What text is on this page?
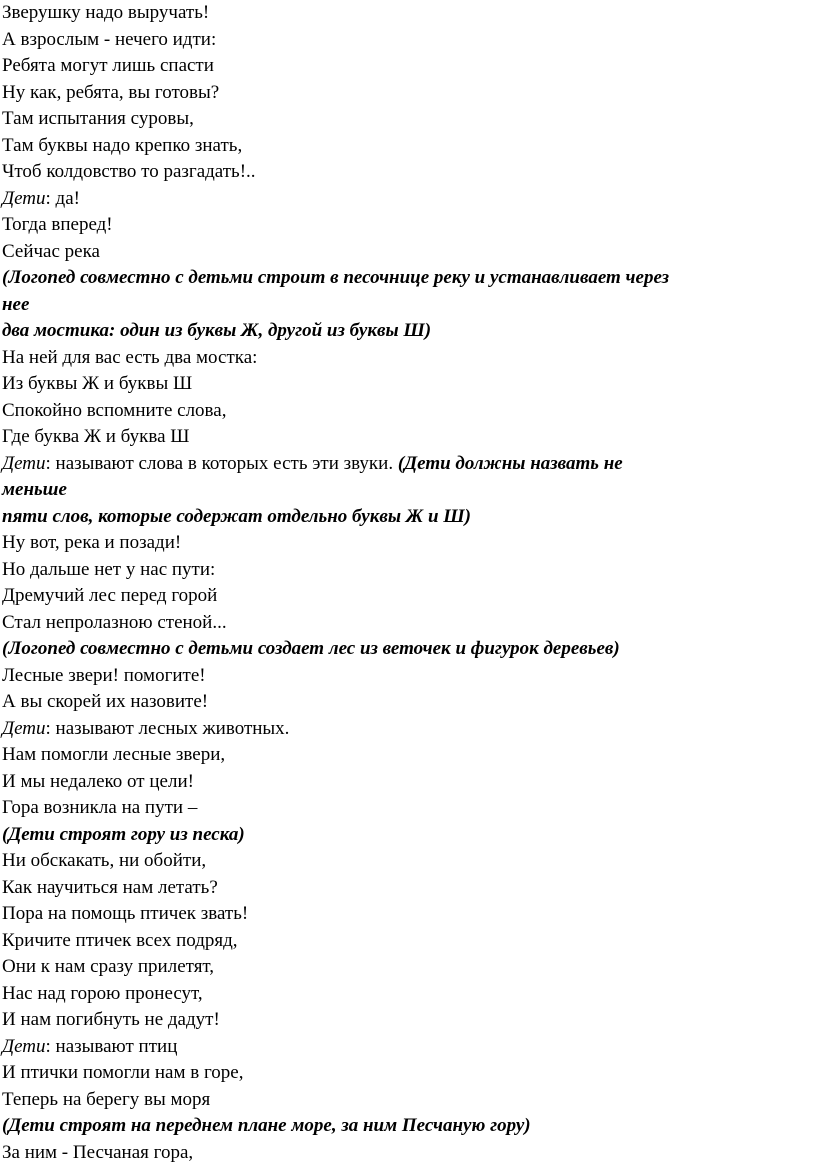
Зверушку надо выручать!
А взрослым - нечего идти:
Ребята могут лишь спасти
Ну как, ребята, вы готовы?
Там испытания суровы,
Там буквы надо крепко знать,
Чтоб колдовство то разгадать!..
Дети: да!
Тогда вперед!
Сейчас река
(Логопед совместно с детьми строит в песочнице реку и устанавливает через
нее
два мостика: один из буквы Ж, другой из буквы Ш)
На ней для вас есть два мостка:
Из буквы Ж и буквы Ш
Спокойно вспомните слова,
Где буква Ж и буква Ш
Дети: называют слова в которых есть эти звуки. (Дети должны назвать не
меньше
пяти слов, которые содержат отдельно буквы Ж и Ш)
Ну вот, река и позади!
Но дальше нет у нас пути:
Дремучий лес перед горой
Стал непролазною стеной...
(Логопед совместно с детьми создает лес из веточек и фигурок деревьев)
Лесные звери! помогите!
А вы скорей их назовите!
Дети: называют лесных животных.
Нам помогли лесные звери,
И мы недалеко от цели!
Гора возникла на пути –
(Дети строят гору из песка)
Ни обскакать, ни обойти,
Как научиться нам летать?
Пора на помощь птичек звать!
Кричите птичек всех подряд,
Они к нам сразу прилетят,
Нас над горою пронесут,
И нам погибнуть не дадут!
Дети: называют птиц
И птички помогли нам в горе,
Теперь на берегу вы моря
(Дети строят на переднем плане море, за ним Песчаную гору)
За ним - Песчаная гора,
